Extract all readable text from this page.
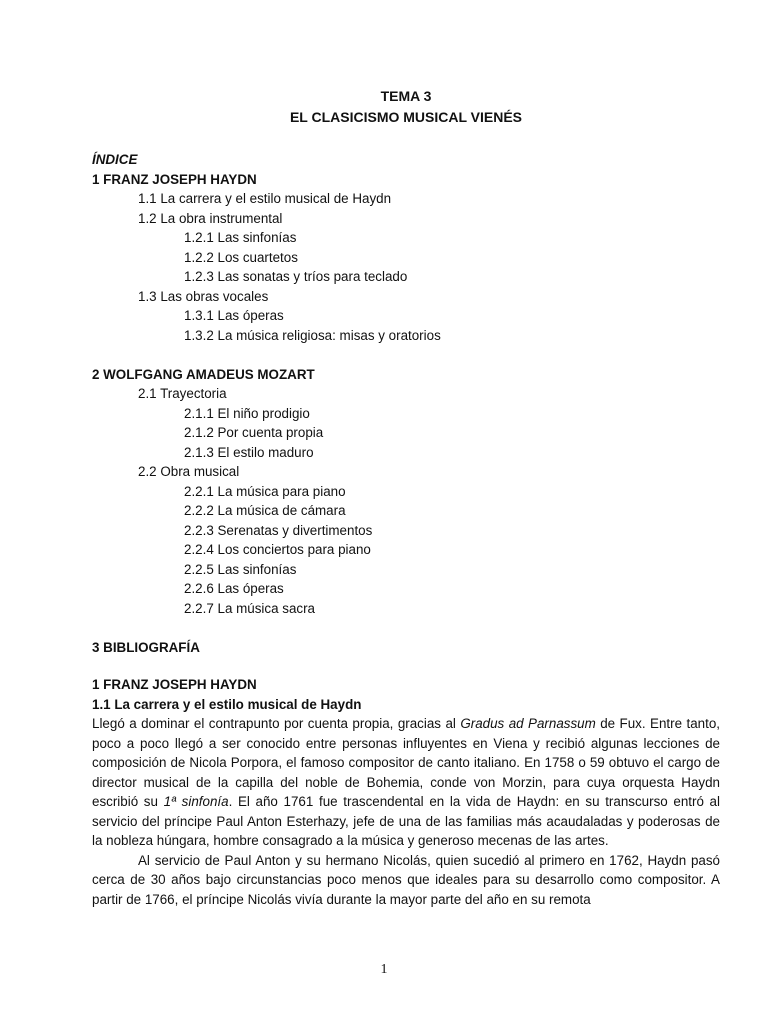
TEMA 3

EL CLASICISMO MUSICAL VIENÉS

ÍNDICE
1 FRANZ JOSEPH HAYDN
1.1 La carrera y el estilo musical de Haydn
1.2 La obra instrumental
1.2.1 Las sinfonías
1.2.2 Los cuartetos
1.2.3 Las sonatas y tríos para teclado
1.3 Las obras vocales
1.3.1 Las óperas
1.3.2 La música religiosa: misas y oratorios
2 WOLFGANG AMADEUS MOZART
2.1 Trayectoria
2.1.1 El niño prodigio
2.1.2 Por cuenta propia
2.1.3 El estilo maduro
2.2 Obra musical
2.2.1 La música para piano
2.2.2 La música de cámara
2.2.3 Serenatas y divertimentos
2.2.4 Los conciertos para piano
2.2.5 Las sinfonías
2.2.6 Las óperas
2.2.7 La música sacra
3 BIBLIOGRAFÍA
1 FRANZ JOSEPH HAYDN
1.1 La carrera y el estilo musical de Haydn

Llegó a dominar el contrapunto por cuenta propia, gracias al Gradus ad Parnassum de Fux. Entre tanto, poco a poco llegó a ser conocido entre personas influyentes en Viena y recibió algunas lecciones de composición de Nicola Porpora, el famoso compositor de canto italiano. En 1758 o 59 obtuvo el cargo de director musical de la capilla del noble de Bohemia, conde von Morzin, para cuya orquesta Haydn escribió su 1ª sinfonía. El año 1761 fue trascendental en la vida de Haydn: en su transcurso entró al servicio del príncipe Paul Anton Esterhazy, jefe de una de las familias más acaudaladas y poderosas de la nobleza húngara, hombre consagrado a la música y generoso mecenas de las artes.

Al servicio de Paul Anton y su hermano Nicolás, quien sucedió al primero en 1762, Haydn pasó cerca de 30 años bajo circunstancias poco menos que ideales para su desarrollo como compositor. A partir de 1766, el príncipe Nicolás vivía durante la mayor parte del año en su remota

1
